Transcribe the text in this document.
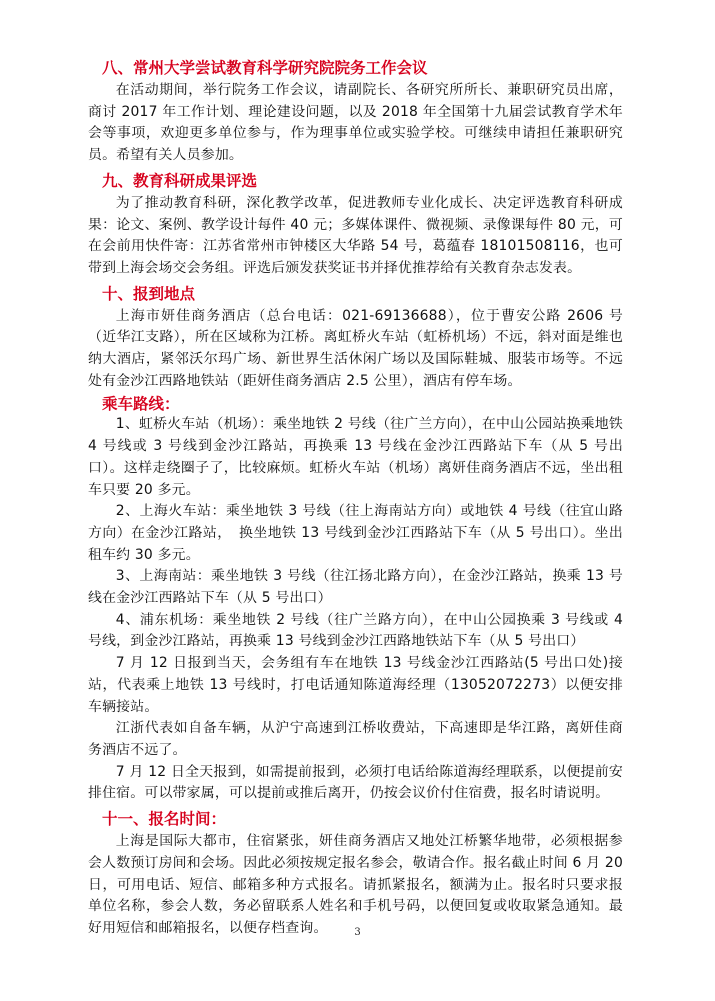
八、常州大学尝试教育科学研究院院务工作会议

在活动期间，举行院务工作会议，请副院长、各研究所所长、兼职研究员出席，商讨 2017 年工作计划、理论建设问题，以及 2018 年全国第十九届尝试教育学术年会等事项，欢迎更多单位参与，作为理事单位或实验学校。可继续申请担任兼职研究员。希望有关人员参加。

九、教育科研成果评选

为了推动教育科研，深化教学改革，促进教师专业化成长、决定评选教育科研成果：论文、案例、教学设计每件 40 元；多媒体课件、微视频、录像课每件 80 元，可在会前用快件寄：江苏省常州市钟楼区大华路 54 号，葛蕴春 18101508116，也可带到上海会场交会务组。评选后颁发获奖证书并择优推荐给有关教育杂志发表。

十、报到地点

上海市妍佳商务酒店（总台电话：021-69136688），位于曹安公路 2606 号（近华江支路），所在区域称为江桥。离虹桥火车站（虹桥机场）不远，斜对面是维也纳大酒店，紧邻沃尔玛广场、新世界生活休闲广场以及国际鞋城、服装市场等。不远处有金沙江西路地铁站（距妍佳商务酒店 2.5 公里），酒店有停车场。

乘车路线：

1、虹桥火车站（机场）：乘坐地铁 2 号线（往广兰方向），在中山公园站换乘地铁 4 号线或 3 号线到金沙江路站，再换乘 13 号线在金沙江西路站下车（从 5 号出口）。这样走绕圈子了，比较麻烦。虹桥火车站（机场）离妍佳商务酒店不远，坐出租车只要 20 多元。

2、上海火车站：乘坐地铁 3 号线（往上海南站方向）或地铁 4 号线（往宜山路方向）在金沙江路站，　换坐地铁 13 号线到金沙江西路站下车（从 5 号出口）。坐出租车约 30 多元。

3、上海南站：乘坐地铁 3 号线（往江扬北路方向），在金沙江路站，换乘 13 号线在金沙江西路站下车（从 5 号出口）

4、浦东机场：乘坐地铁 2 号线（往广兰路方向），在中山公园换乘 3 号线或 4 号线，到金沙江路站，再换乘 13 号线到金沙江西路地铁站下车（从 5 号出口）

7 月 12 日报到当天，会务组有车在地铁 13 号线金沙江西路站(5 号出口处)接站，代表乘上地铁 13 号线时，打电话通知陈道海经理（13052072273）以便安排车辆接站。

江浙代表如自备车辆，从沪宁高速到江桥收费站，下高速即是华江路，离妍佳商务酒店不远了。

7 月 12 日全天报到，如需提前报到，必须打电话给陈道海经理联系，以便提前安排住宿。可以带家属，可以提前或推后离开，仍按会议价付住宿费，报名时请说明。

十一、报名时间：

上海是国际大都市，住宿紧张，妍佳商务酒店又地处江桥繁华地带，必须根据参会人数预订房间和会场。因此必须按规定报名参会，敬请合作。报名截止时间 6 月 20 日，可用电话、短信、邮箱多种方式报名。请抓紧报名，额满为止。报名时只要求报单位名称，参会人数，务必留联系人姓名和手机号码，以便回复或收取紧急通知。最好用短信和邮箱报名，以便存档查询。	3
